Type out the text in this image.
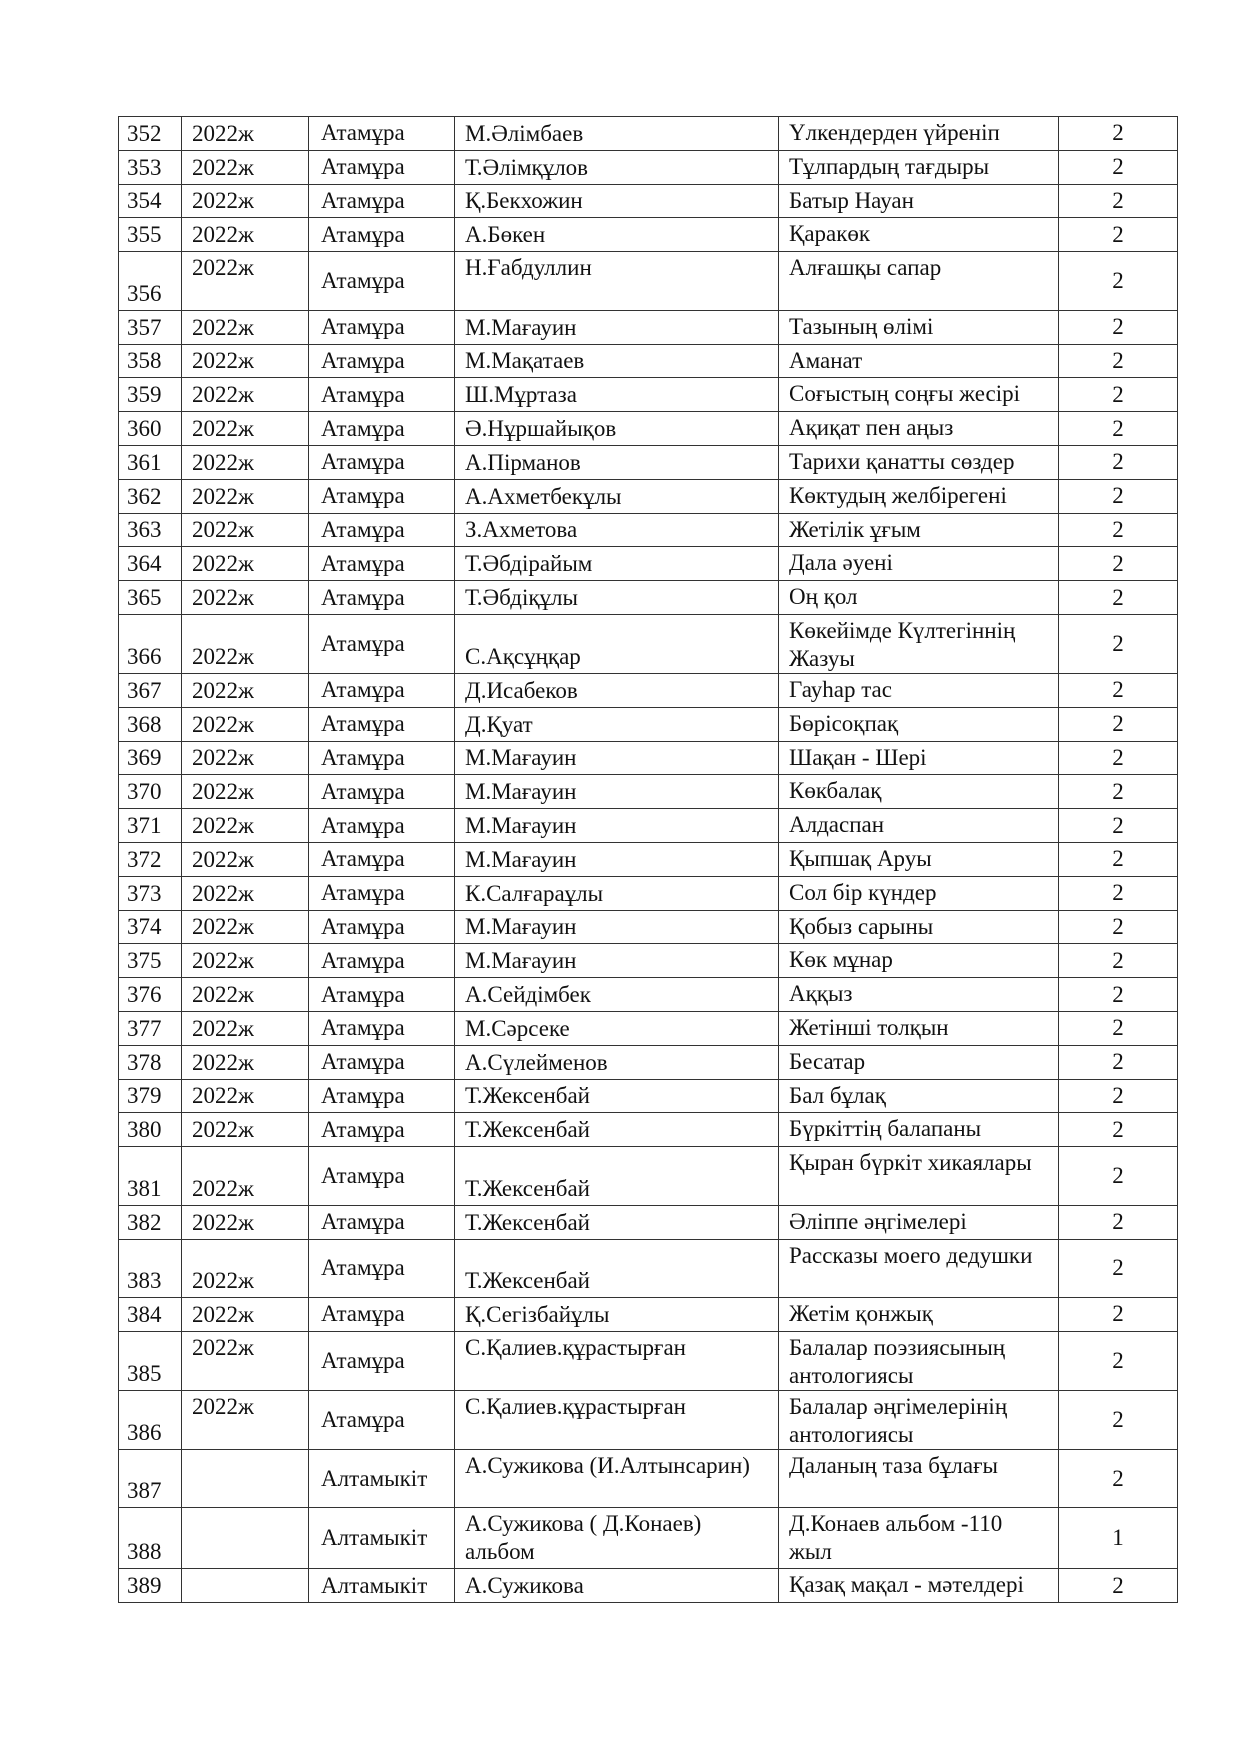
352	2022ж	Атамұра	М.Әлімбаев	Үлкендерден үйреніп	2
353	2022ж	Атамұра	Т.Әлімқұлов	Тұлпардың тағдыры	2
354	2022ж	Атамұра	Қ.Бекхожин	Батыр Науан	2
355	2022ж	Атамұра	А.Бөкен	Қаракөк	2
356	2022ж	Атамұра	Н.Ғабдуллин	Алғашқы сапар	2
357	2022ж	Атамұра	М.Мағауин	Тазының өлімі	2
358	2022ж	Атамұра	М.Мақатаев	Аманат	2
359	2022ж	Атамұра	Ш.Мұртаза	Соғыстың соңғы жесірі	2
360	2022ж	Атамұра	Ә.Нұршайықов	Ақиқат пен аңыз	2
361	2022ж	Атамұра	А.Пірманов	Тарихи қанатты сөздер	2
362	2022ж	Атамұра	А.Ахметбекұлы	Көктудың желбірегені	2
363	2022ж	Атамұра	З.Ахметова	Жетілік ұғым	2
364	2022ж	Атамұра	Т.Әбдірайым	Дала әуені	2
365	2022ж	Атамұра	Т.Әбдіқұлы	Оң қол	2
366	2022ж	Атамұра	С.Ақсұңқар	Көкейімде Күлтегіннің Жазуы	2
367	2022ж	Атамұра	Д.Исабеков	Гауһар тас	2
368	2022ж	Атамұра	Д.Қуат	Бөрісоқпақ	2
369	2022ж	Атамұра	М.Мағауин	Шақан - Шері	2
370	2022ж	Атамұра	М.Мағауин	Көкбалақ	2
371	2022ж	Атамұра	М.Мағауин	Алдаспан	2
372	2022ж	Атамұра	М.Мағауин	Қыпшақ Аруы	2
373	2022ж	Атамұра	К.Салғараұлы	Сол бір күндер	2
374	2022ж	Атамұра	М.Мағауин	Қобыз сарыны	2
375	2022ж	Атамұра	М.Мағауин	Көк мұнар	2
376	2022ж	Атамұра	А.Сейдімбек	Аққыз	2
377	2022ж	Атамұра	М.Сәрсеке	Жетінші толқын	2
378	2022ж	Атамұра	А.Сүлейменов	Бесатар	2
379	2022ж	Атамұра	Т.Жексенбай	Бал бұлақ	2
380	2022ж	Атамұра	Т.Жексенбай	Бүркіттің балапаны	2
381	2022ж	Атамұра	Т.Жексенбай	Қыран бүркіт хикаялары	2
382	2022ж	Атамұра	Т.Жексенбай	Әліппе әңгімелері	2
383	2022ж	Атамұра	Т.Жексенбай	Рассказы моего дедушки	2
384	2022ж	Атамұра	Қ.Сегізбайұлы	Жетім қонжық	2
385	2022ж	Атамұра	С.Қалиев.құрастырған	Балалар поэзиясының антологиясы	2
386	2022ж	Атамұра	С.Қалиев.құрастырған	Балалар әңгімелерінің антологиясы	2
387		Алтамыкіт	А.Сужикова (И.Алтынсарин)	Даланың таза бұлағы	2
388		Алтамыкіт	А.Сужикова ( Д.Конаев) альбом	Д.Конаев альбом -110 жыл	1
389		Алтамыкіт	А.Сужикова	Қазақ мақал - мәтелдері	2
